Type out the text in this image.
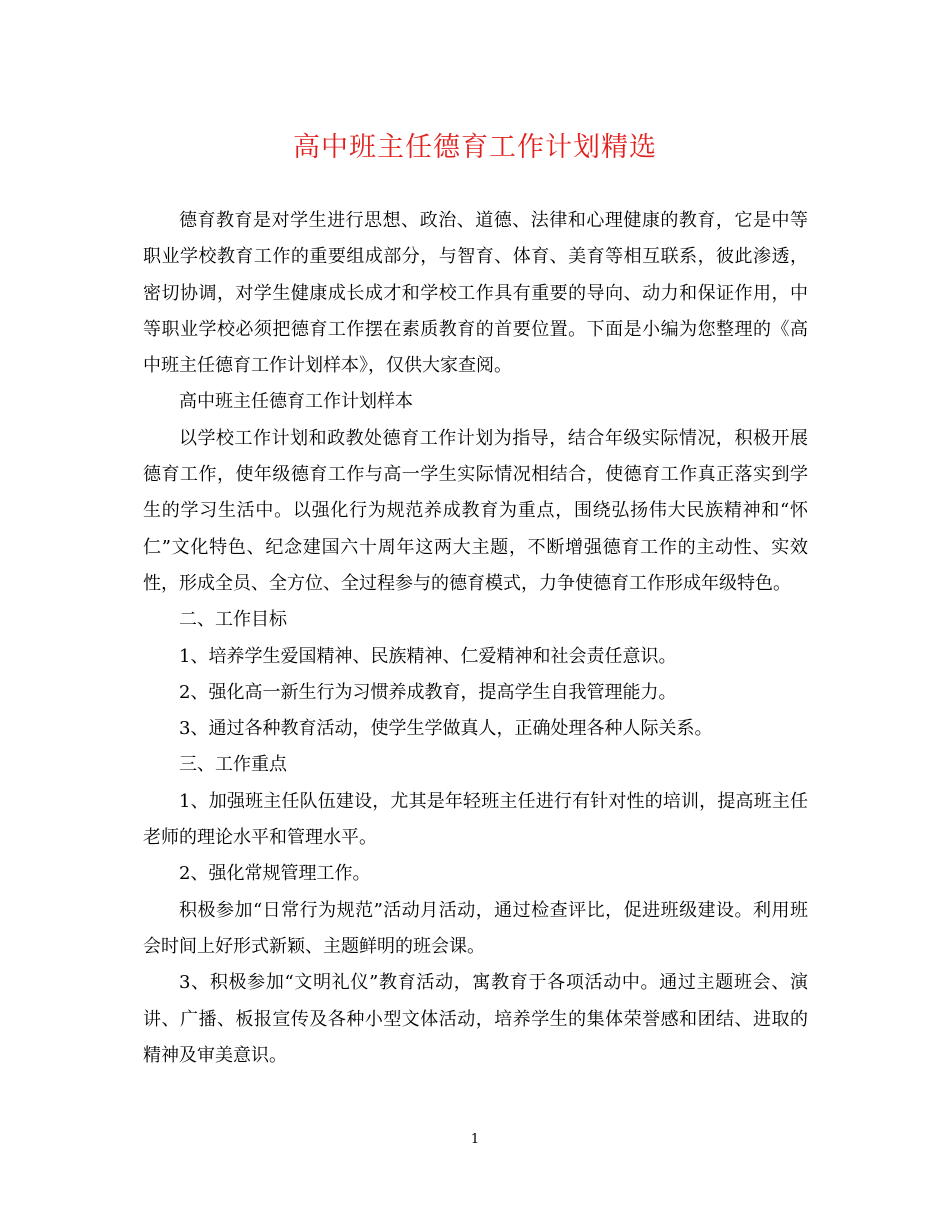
高中班主任德育工作计划精选

德育教育是对学生进行思想、政治、道德、法律和心理健康的教育，它是中等职业学校教育工作的重要组成部分，与智育、体育、美育等相互联系，彼此渗透，密切协调，对学生健康成长成才和学校工作具有重要的导向、动力和保证作用，中等职业学校必须把德育工作摆在素质教育的首要位置。下面是小编为您整理的《高中班主任德育工作计划样本》，仅供大家查阅。

高中班主任德育工作计划样本

以学校工作计划和政教处德育工作计划为指导，结合年级实际情况，积极开展德育工作，使年级德育工作与高一学生实际情况相结合，使德育工作真正落实到学生的学习生活中。以强化行为规范养成教育为重点，围绕弘扬伟大民族精神和“怀仁”文化特色、纪念建国六十周年这两大主题，不断增强德育工作的主动性、实效性，形成全员、全方位、全过程参与的德育模式，力争使德育工作形成年级特色。

二、工作目标

1、培养学生爱国精神、民族精神、仁爱精神和社会责任意识。

2、强化高一新生行为习惯养成教育，提高学生自我管理能力。

3、通过各种教育活动，使学生学做真人，正确处理各种人际关系。

三、工作重点

1、加强班主任队伍建设，尤其是年轻班主任进行有针对性的培训，提高班主任老师的理论水平和管理水平。

2、强化常规管理工作。

积极参加“日常行为规范”活动月活动，通过检查评比，促进班级建设。利用班会时间上好形式新颖、主题鲜明的班会课。

3、积极参加“文明礼仪”教育活动，寓教育于各项活动中。通过主题班会、演讲、广播、板报宣传及各种小型文体活动，培养学生的集体荣誉感和团结、进取的精神及审美意识。

1
